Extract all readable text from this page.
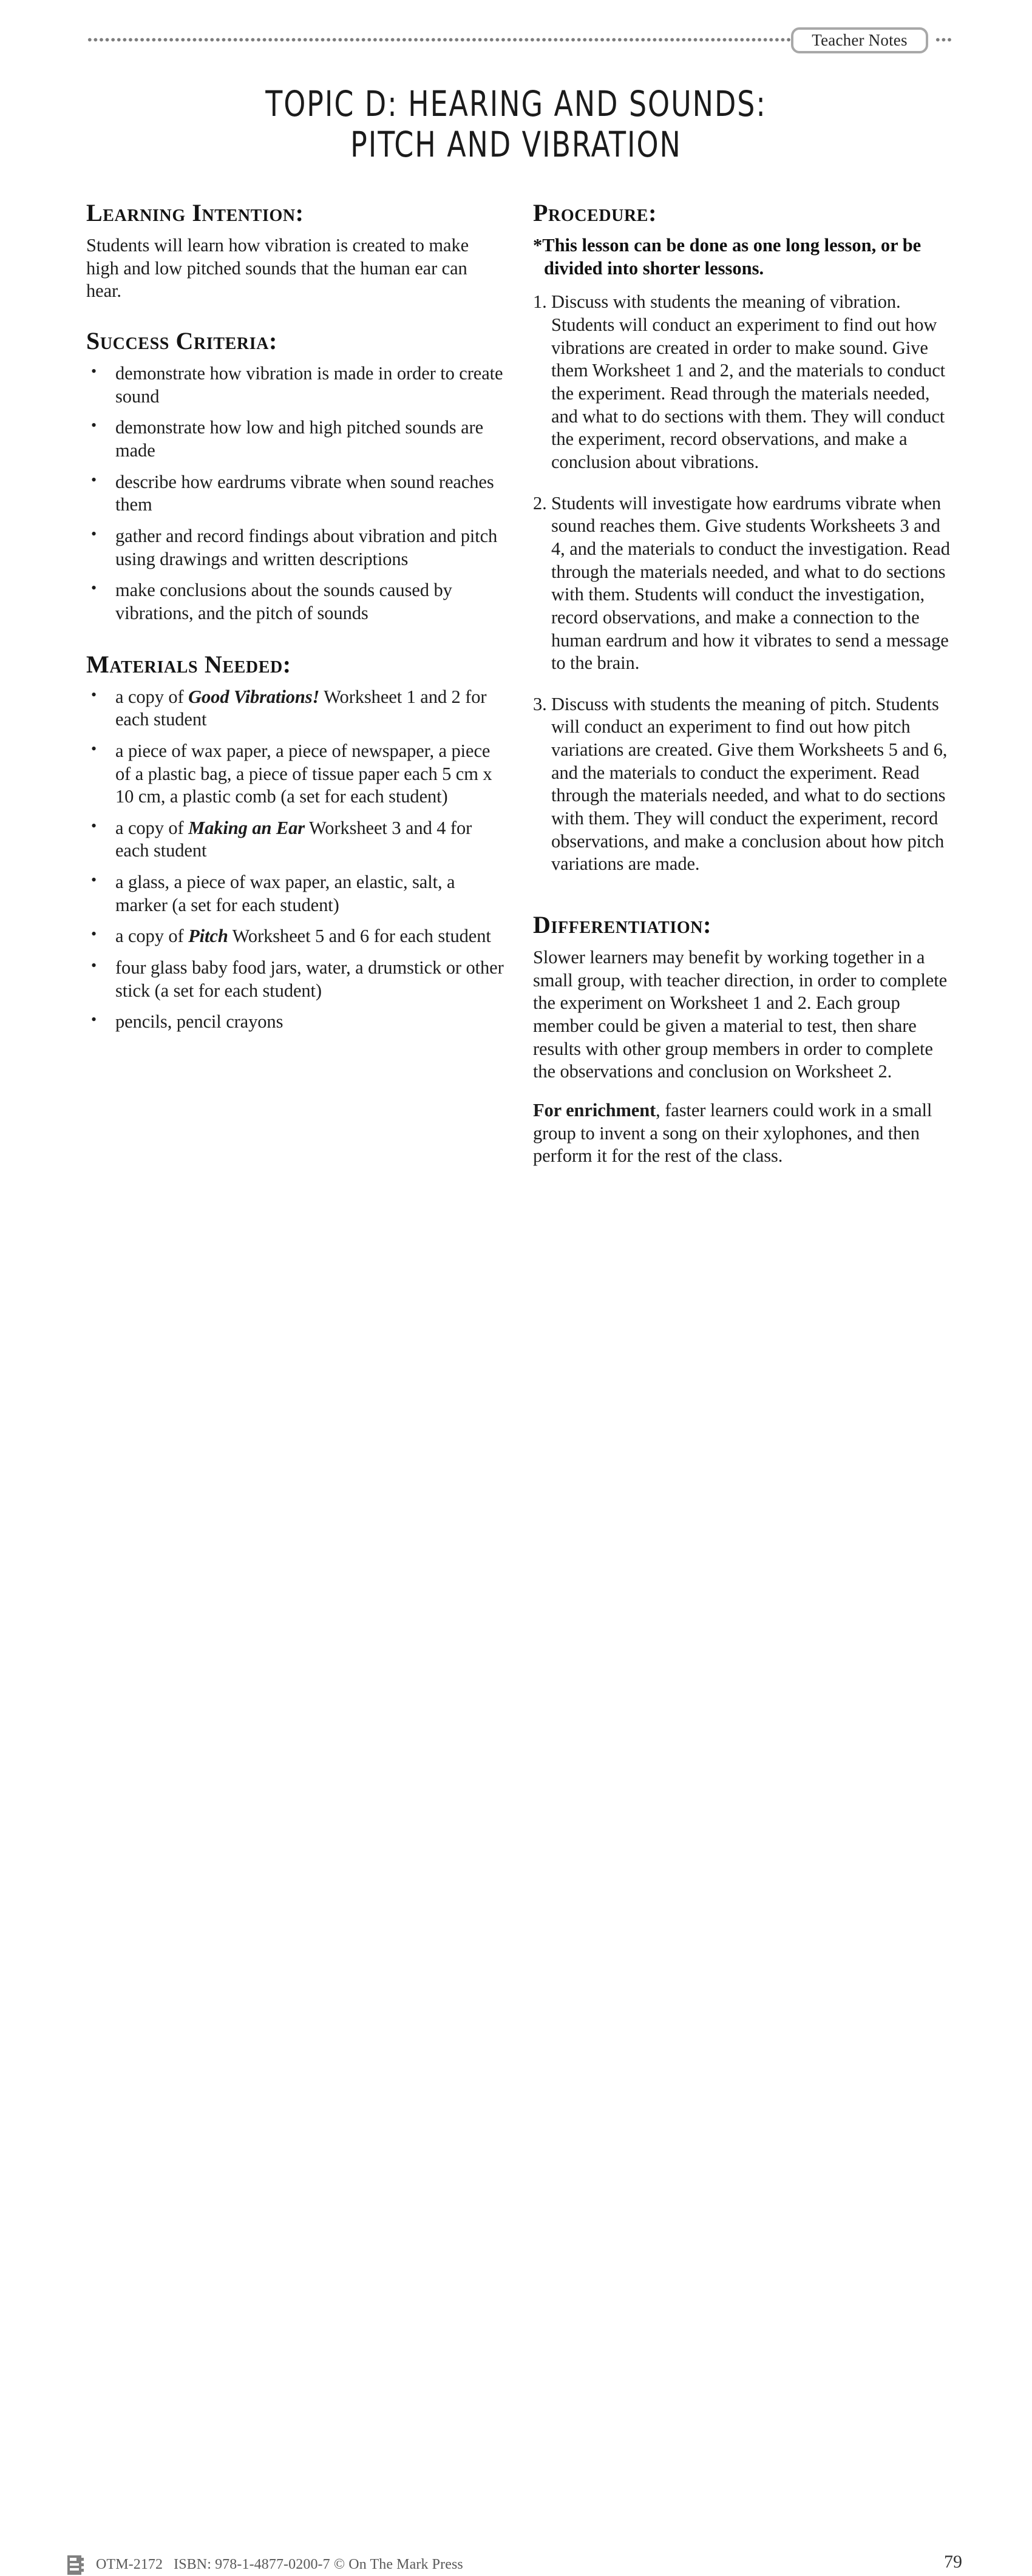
Teacher Notes
TOPIC D: HEARING AND SOUNDS:
PITCH AND VIBRATION
Learning Intention:

Students will learn how vibration is created to make high and low pitched sounds that the human ear can hear.

Success Criteria:
• demonstrate how vibration is made in order to create sound
• demonstrate how low and high pitched sounds are made
• describe how eardrums vibrate when sound reaches them
• gather and record findings about vibration and pitch using drawings and written descriptions
• make conclusions about the sounds caused by vibrations, and the pitch of sounds
Materials Needed:
• a copy of Good Vibrations! Worksheet 1 and 2 for each student
• a piece of wax paper, a piece of newspaper, a piece of a plastic bag, a piece of tissue paper each 5 cm x 10 cm, a plastic comb (a set for each student)
• a copy of Making an Ear Worksheet 3 and 4 for each student
• a glass, a piece of wax paper, an elastic, salt, a marker (a set for each student)
• a copy of Pitch Worksheet 5 and 6 for each student
• four glass baby food jars, water, a drumstick or other stick (a set for each student)
• pencils, pencil crayons
Procedure:

*This lesson can be done as one long lesson, or be divided into shorter lessons.

Discuss with students the meaning of vibration. Students will conduct an experiment to find out how vibrations are created in order to make sound. Give them Worksheet 1 and 2, and the materials to conduct the experiment. Read through the materials needed, and what to do sections with them. They will conduct the experiment, record observations, and make a conclusion about vibrations.
Students will investigate how eardrums vibrate when sound reaches them. Give students Worksheets 3 and 4, and the materials to conduct the investigation. Read through the materials needed, and what to do sections with them. Students will conduct the investigation, record observations, and make a connection to the human eardrum and how it vibrates to send a message to the brain.
Discuss with students the meaning of pitch. Students will conduct an experiment to find out how pitch variations are created. Give them Worksheets 5 and 6, and the materials to conduct the experiment. Read through the materials needed, and what to do sections with them. They will conduct the experiment, record observations, and make a conclusion about how pitch variations are made.
Differentiation:

Slower learners may benefit by working together in a small group, with teacher direction, in order to complete the experiment on Worksheet 1 and 2. Each group member could be given a material to test, then share results with other group members in order to complete the observations and conclusion on Worksheet 2.

For enrichment, faster learners could work in a small group to invent a song on their xylophones, and then perform it for the rest of the class.

OTM-2172 ISBN: 978-1-4877-0200-7 © On The Mark Press	79
